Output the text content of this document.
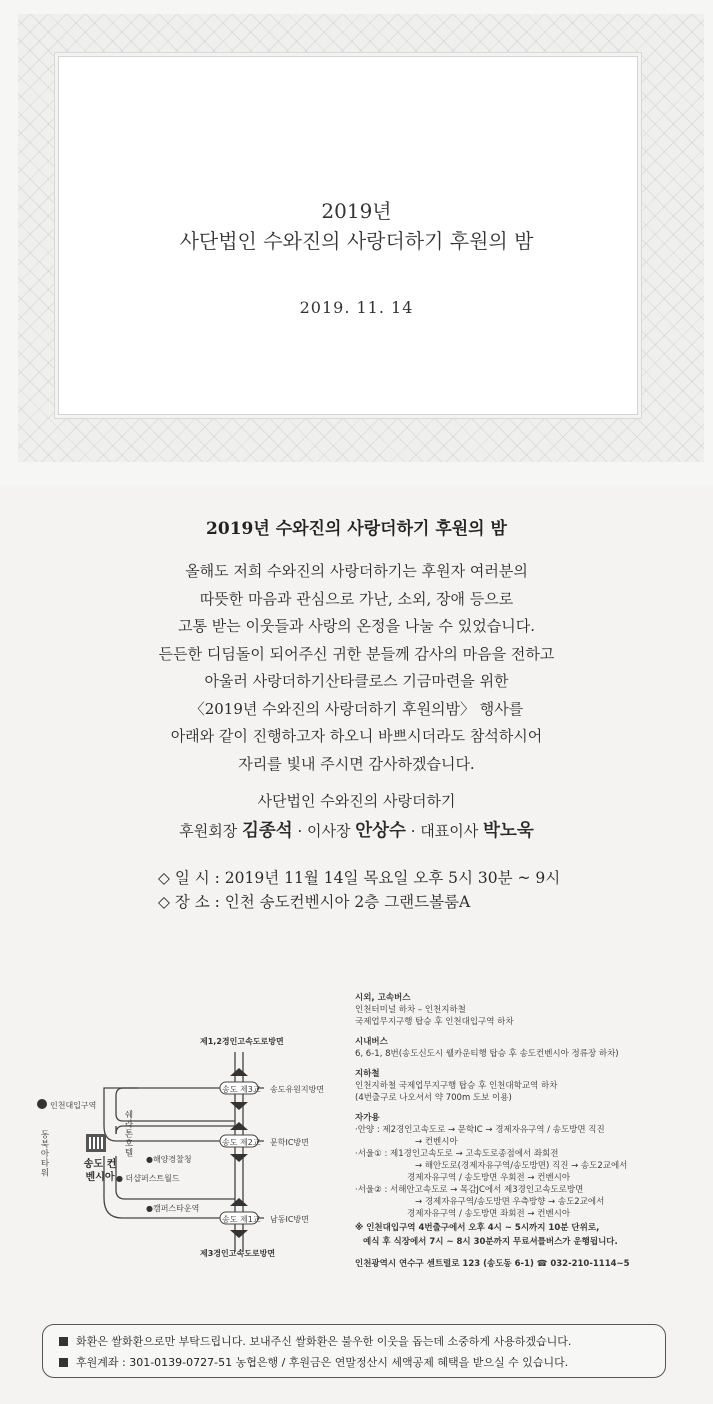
2019년
사단법인 수와진의 사랑더하기 후원의 밤
2019. 11. 14
2019년 수와진의 사랑더하기 후원의 밤
올해도 저희 수와진의 사랑더하기는 후원자 여러분의
따뜻한 마음과 관심으로 가난, 소외, 장애 등으로
고통 받는 이웃들과 사랑의 온정을 나눌 수 있었습니다.
든든한 디딤돌이 되어주신 귀한 분들께 감사의 마음을 전하고
아울러 사랑더하기산타클로스 기금마련을 위한
〈2019년 수와진의 사랑더하기 후원의밤〉 행사를
아래와 같이 진행하고자 하오니 바쁘시더라도 참석하시어
자리를 빛내 주시면 감사하겠습니다.
사단법인 수와진의 사랑더하기
후원회장 김종석 · 이사장 안상수 · 대표이사 박노욱
◇ 일 시 : 2019년 11월 14일 목요일 오후 5시 30분 ~ 9시
◇ 장 소 : 인천 송도컨벤시아 2층 그랜드볼룸A
제1,2경인고속도로방면
송도 제3교
송도 제2교
송도 제1교
송도유원지방면
문학IC방면
남동IC방면
인천대입구역
●해양경찰청
● 더샵퍼스트월드
●캠퍼스타운역
제3경인고속도로방면
송도 컨벤시아
동북아타워	쉐라톤호텔
시외, 고속버스
인천터미널 하차 – 인천지하철
국제업무지구행 탑승 후 인천대입구역 하차
시내버스
6, 6-1, 8번(송도신도시 웰카운티행 탑승 후 송도컨벤시아 정류장 하차)
지하철
인천지하철 국제업무지구행 탑승 후 인천대학교역 하차
(4번출구로 나오셔서 약 700m 도보 이용)
자가용
·안양 : 제2경인고속도로 → 문학IC → 경제자유구역 / 송도방면 직진
→ 컨벤시아
·서울① : 제1경인고속도로 → 고속도로종점에서 좌회전
→ 해안도로(경제자유구역/송도방면) 직진 → 송도2교에서
경제자유구역 / 송도방면 우회전 → 컨벤시아
·서울② : 서해안고속도로 → 목감JC에서 제3경인고속도로방면
→ 경제자유구역/송도방면 우측방향 → 송도2교에서
경제자유구역 / 송도방면 좌회전 → 컨벤시아
※ 인천대입구역 4번출구에서 오후 4시 ~ 5시까지 10분 단위로,
예식 후 식장에서 7시 ~ 8시 30분까지 무료셔틀버스가 운행됩니다.
인천광역시 연수구 센트럴로 123 (송도동 6-1) ☎ 032-210-1114~5
화환은 쌀화환으로만 부탁드립니다. 보내주신 쌀화환은 불우한 이웃을 돕는데 소중하게 사용하겠습니다.
후원계좌 : 301-0139-0727-51 농협은행 / 후원금은 연말정산시 세액공제 혜택을 받으실 수 있습니다.
